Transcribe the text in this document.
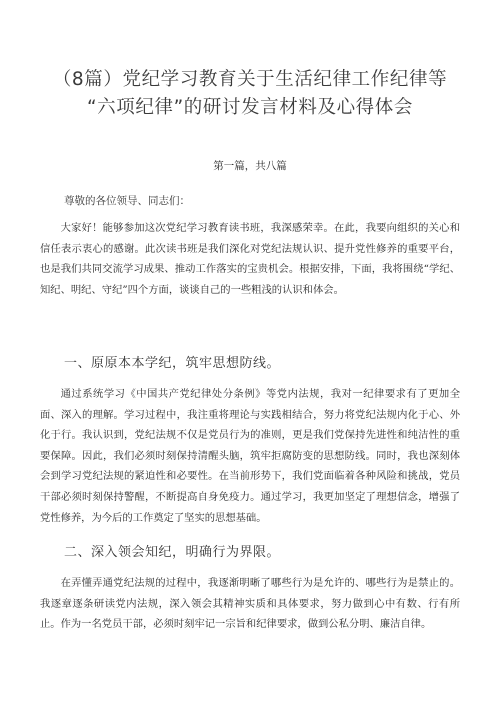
（8篇）党纪学习教育关于生活纪律工作纪律等
“六项纪律”的研讨发言材料及心得体会
第一篇，共八篇
尊敬的各位领导、同志们：

大家好！能够参加这次党纪学习教育读书班，我深感荣幸。在此，我要向组织的关心和信任表示衷心的感谢。此次读书班是我们深化对党纪法规认识、提升党性修养的重要平台，也是我们共同交流学习成果、推动工作落实的宝贵机会。根据安排，下面，我将围绕“学纪、知纪、明纪、守纪”四个方面，谈谈自己的一些粗浅的认识和体会。

一、原原本本学纪，筑牢思想防线。

通过系统学习《中国共产党纪律处分条例》等党内法规，我对一纪律要求有了更加全面、深入的理解。学习过程中，我注重将理论与实践相结合，努力将党纪法规内化于心、外化于行。我认识到，党纪法规不仅是党员行为的准则，更是我们党保持先进性和纯洁性的重要保障。因此，我们必须时刻保持清醒头脑，筑牢拒腐防变的思想防线。同时，我也深刻体会到学习党纪法规的紧迫性和必要性。在当前形势下，我们党面临着各种风险和挑战，党员干部必须时刻保持警醒，不断提高自身免疫力。通过学习，我更加坚定了理想信念，增强了党性修养，为今后的工作奠定了坚实的思想基础。

二、深入领会知纪，明确行为界限。

在弄懂弄通党纪法规的过程中，我逐渐明晰了哪些行为是允许的、哪些行为是禁止的。我逐章逐条研读党内法规，深入领会其精神实质和具体要求，努力做到心中有数、行有所止。作为一名党员干部，必须时刻牢记一宗旨和纪律要求，做到公私分明、廉洁自律。
